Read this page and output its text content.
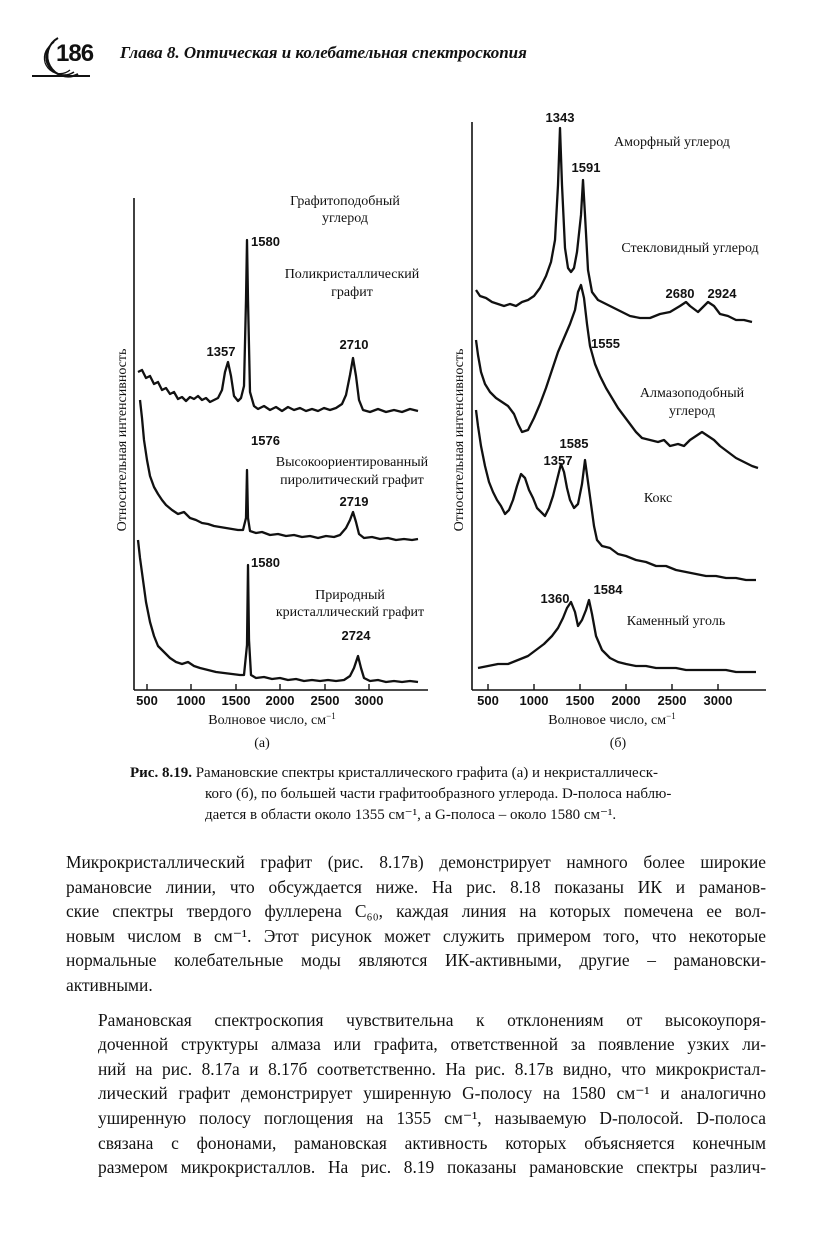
186 Глава 8. Оптическая и колебательная спектроскопия
500 1000 1500 2000 2500 3000
Волновое число, $см^{-1}$
(а)
Относительная интенсивность
Графитоподобный
углерод
Поликристаллический
графит
1357
1580
2710
1576
Высокоориентированный
пиролитический графит
2719
1580
Природный
кристаллический графит
2724
500 1000 1500 2000 2500 3000
Волновое число, $см^{-1}$
(б)
Относительная интенсивность
1343
Аморфный углерод
1591
Стекловидный углерод
2680 2924
1555
Алмазоподобный
углерод
1585
1357
Кокс
1360
1584
Каменный уголь
Рис. 8.19. Рамановские спектры кристаллического графита (а) и некристаллическ-
кого (б), по большей части графитообразного углерода. D-полоса наблю-
дается в области около 1355 см⁻¹, а G-полоса – около 1580 см⁻¹.

Микрокристаллический графит (рис. 8.17в) демонстрирует намного более широкие
рамановсие линии, что обсуждается ниже. На рис. 8.18 показаны ИК и раманов-
ские спектры твердого фуллерена C₆₀, каждая линия на которых помечена ее вол-
новым числом в см⁻¹. Этот рисунок может служить примером того, что некоторые
нормальные колебательные моды являются ИК-активными, другие – рамановски-
активными.

Рамановская спектроскопия чувствительна к отклонениям от высокоупоря-
доченной структуры алмаза или графита, ответственной за появление узких ли-
ний на рис. 8.17а и 8.17б соответственно. На рис. 8.17в видно, что микрокристал-
лический графит демонстрирует уширенную G-полосу на 1580 см⁻¹ и аналогично
уширенную полосу поглощения на 1355 см⁻¹, называемую D-полосой. D-полоса
связана с фононами, рамановская активность которых объясняется конечным
размером микрокристаллов. На рис. 8.19 показаны рамановские спектры различ-
